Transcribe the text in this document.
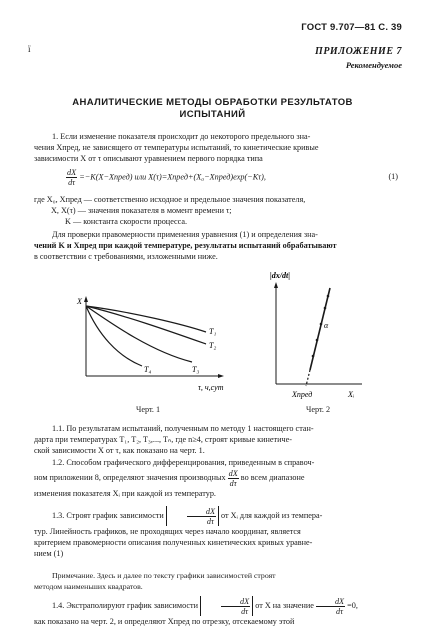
ГОСТ 9.707—81 С. 39
ї	ПРИЛОЖЕНИЕ 7
Рекомендуемое
АНАЛИТИЧЕСКИЕ МЕТОДЫ ОБРАБОТКИ РЕЗУЛЬТАТОВ
ИСПЫТАНИЙ
1. Если изменение показателя происходит до некоторого предельного зна-
чения Xпред, не зависящего от температуры испытаний, то кинетические кривые
зависимости X от τ описывают уравнением первого порядка типа

$\frac{dX}{d\tau}$ =−K(X−Xпред) или X(τ)=Xпред+(X₀−Xпред)exp(−Kτ),	(1)
где X₀, Xпред — соответственно исходное и предельное значения показателя,
X, X(τ) — значения показателя в момент времени τ;
K — константа скорости процесса.
Для проверки правомерности применения уравнения (1) и определения зна-
чений K и Xпред при каждой температуре, результаты испытаний обрабатывают
в соответствии с требованиями, изложенными ниже.
X
T₁
T₂
T₃
T₄
τ, ч,сут
Черт. 1
|dx/dt|
α
Xпред	Xᵢ
Черт. 2
1.1. По результатам испытаний, полученным по методу 1 настоящего стан-
дарта при температурах T₁, T₂, T₃,..., Tₙ, где n≥4, строят кривые кинетиче-
ской зависимости X от τ, как показано на черт. 1.
1.2. Способом графического дифференцирования, приведенным в справоч-
ном приложении 8, определяют значения производных $\frac{dX}{d\tau}$ во всем диапазоне
изменения показателя Xᵢ при каждой из температур.
1.3. Строят график зависимости	$\frac{dX}{d\tau}$ от Xᵢ для каждой из темпера-
тур. Линейность графиков, не проходящих через начало координат, является
критерием правомерности описания полученных кинетических кривых уравне-
нием (1)
Примечание. Здесь и далее по тексту графики зависимостей строят
методом наименьших квадратов.
1.4. Экстраполируют график зависимости	$\frac{dX}{d\tau}$ от X на значение $\frac{dX}{d\tau} =0$,
как показано на черт. 2, и определяют Xпред по отрезку, отсекаемому этой
